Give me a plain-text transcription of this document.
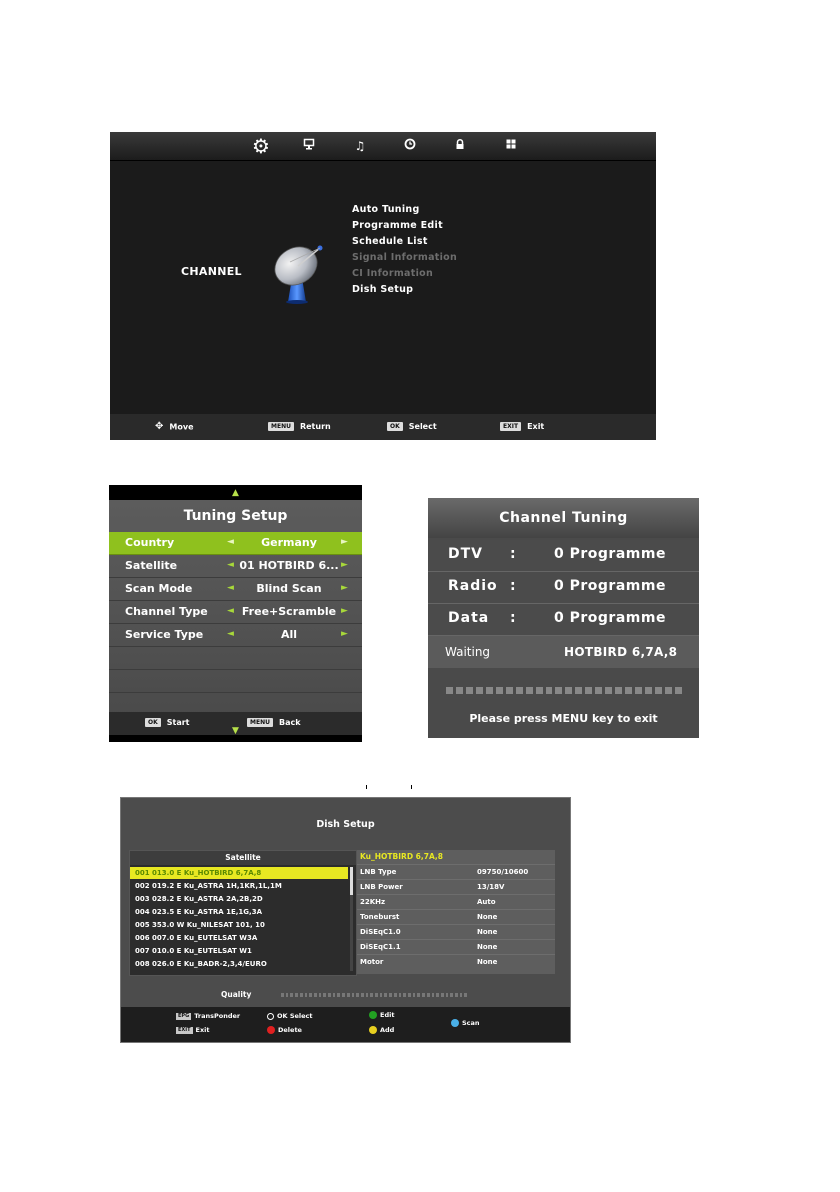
⚙	♫
CHANNEL
Auto Tuning
Programme Edit
Schedule List
Signal Information
CI Information
Dish Setup
✥ Move	MENU Return	OK Select	EXIT Exit
▲
Tuning Setup
Country	◄	Germany	►
Satellite	◄ 01 HOTBIRD 6... ►
Scan Mode	◄	Blind Scan	►
Channel Type ◄ Free+Scramble ►
Service Type	◄	All	►
OK Start	MENU Back
▼
Channel Tuning
DTV :	0 Programme
Radio :	0 Programme
Data :	0 Programme
Waiting	HOTBIRD 6,7A,8
Please press MENU key to exit
Dish Setup
Satellite
001 013.0 E Ku_HOTBIRD 6,7A,8
002 019.2 E Ku_ASTRA 1H,1KR,1L,1M
003 028.2 E Ku_ASTRA 2A,2B,2D
004 023.5 E Ku_ASTRA 1E,1G,3A
005 353.0 W Ku_NILESAT 101, 10
006 007.0 E Ku_EUTELSAT W3A
007 010.0 E Ku_EUTELSAT W1
008 026.0 E Ku_BADR-2,3,4/EURO
Ku_HOTBIRD 6,7A,8
LNB Type	09750/10600
LNB Power	13/18V
22KHz	Auto
Toneburst	None
DiSEqC1.0	None
DiSEqC1.1	None
Motor	None
Quality
EPG TransPonder
EXIT Exit
OK Select
Delete
Edit
Add
Scan
